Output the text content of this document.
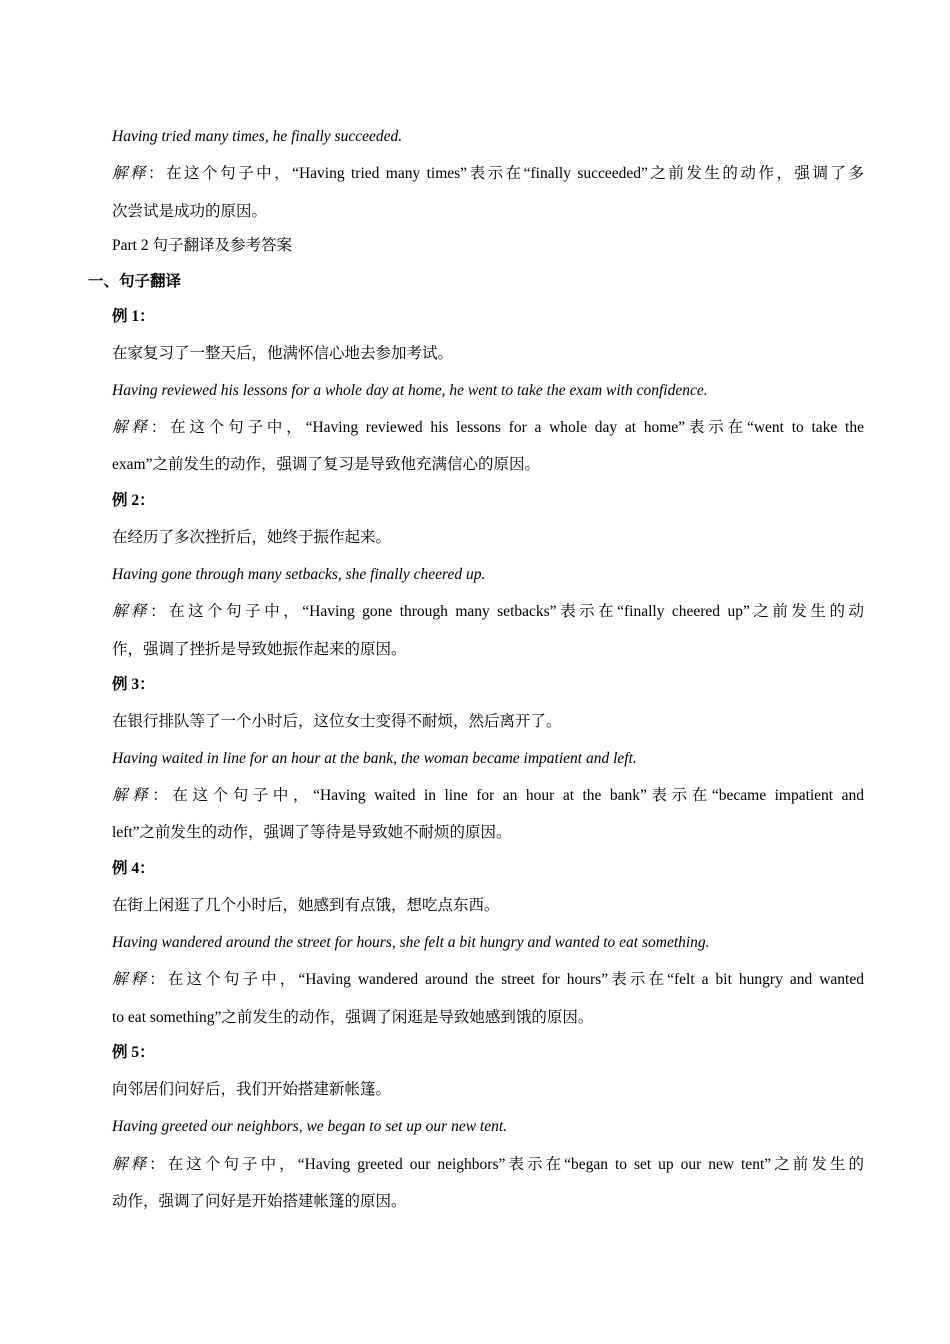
Having tried many times, he finally succeeded.
解释：在这个句子中，“Having tried many times”表示在“finally succeeded”之前发生的动作，强调了多
次尝试是成功的原因。
Part 2 句子翻译及参考答案
一、句子翻译
例 1：
在家复习了一整天后，他满怀信心地去参加考试。
Having reviewed his lessons for a whole day at home, he went to take the exam with confidence.
解释：在这个句子中，“Having reviewed his lessons for a whole day at home”表示在“went to take the
exam”之前发生的动作，强调了复习是导致他充满信心的原因。
例 2：
在经历了多次挫折后，她终于振作起来。
Having gone through many setbacks, she finally cheered up.
解释：在这个句子中，“Having gone through many setbacks”表示在“finally cheered up”之前发生的动
作，强调了挫折是导致她振作起来的原因。
例 3：
在银行排队等了一个小时后，这位女士变得不耐烦，然后离开了。
Having waited in line for an hour at the bank, the woman became impatient and left.
解释：在这个句子中，“Having waited in line for an hour at the bank”表示在“became impatient and
left”之前发生的动作，强调了等待是导致她不耐烦的原因。
例 4：
在街上闲逛了几个小时后，她感到有点饿，想吃点东西。
Having wandered around the street for hours, she felt a bit hungry and wanted to eat something.
解释：在这个句子中，“Having wandered around the street for hours”表示在“felt a bit hungry and wanted
to eat something”之前发生的动作，强调了闲逛是导致她感到饿的原因。
例 5：
向邻居们问好后，我们开始搭建新帐篷。
Having greeted our neighbors, we began to set up our new tent.
解释：在这个句子中，“Having greeted our neighbors”表示在“began to set up our new tent”之前发生的
动作，强调了问好是开始搭建帐篷的原因。
